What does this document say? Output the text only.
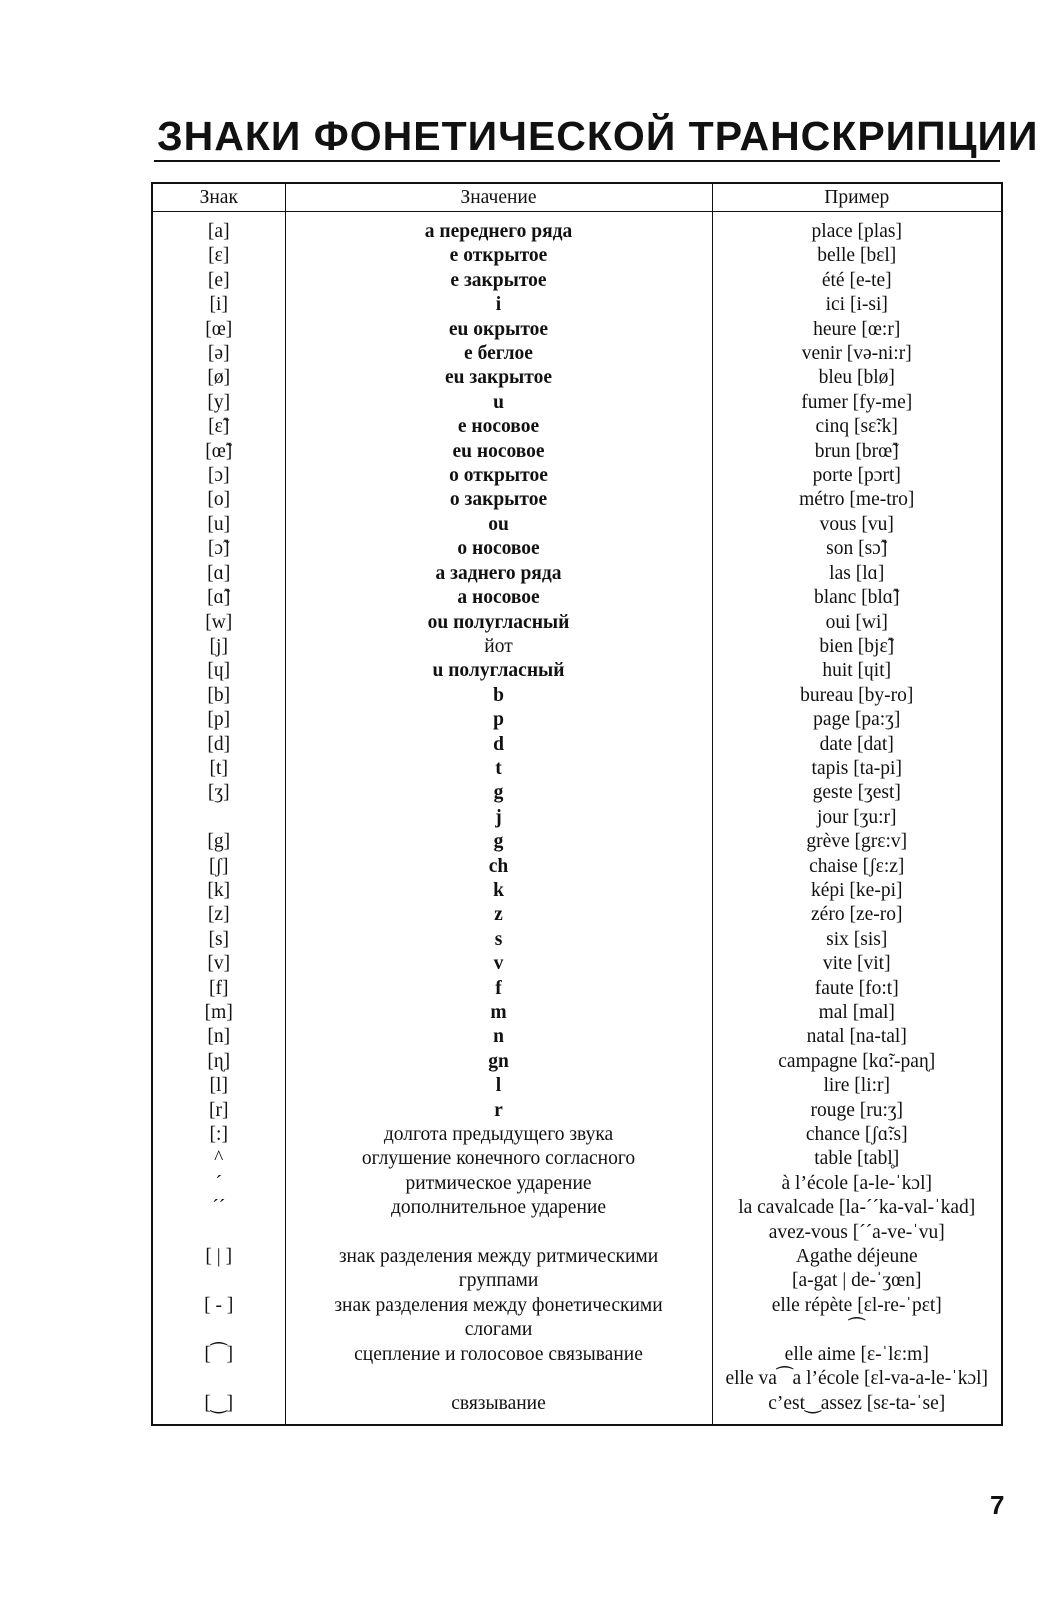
ЗНАКИ ФОНЕТИЧЕСКОЙ ТРАНСКРИПЦИИ
Знак	Значение	Пример
[a]	a переднего ряда	place [plas]
[ɛ]	e открытое	belle [bɛl]
[e]	e закрытое	été [e-te]
[i]	i	ici [i-si]
[œ]	eu окрытое	heure [œ:r]
[ə]	e беглое	venir [və-ni:r]
[ø]	eu закрытое	bleu [blø]
[y]	u	fumer [fy-me]
[ɛ̃]	e носовое	cinq [sɛ̃:k]
[œ̃]	eu носовое	brun [brœ̃]
[ɔ]	o открытое	porte [pɔrt]
[o]	o закрытое	métro [me-tro]
[u]	ou	vous [vu]
[ɔ̃]	o носовое	son [sɔ̃]
[ɑ]	a заднего ряда	las [lɑ]
[ɑ̃]	a носовое	blanc [blɑ̃]
[w]	ou полугласный	oui [wi]
[j]	йот	bien [bjɛ̃]
[ɥ]	u полугласный	huit [ɥit]
[b]	b	bureau [by-ro]
[p]	p	page [pa:ʒ]
[d]	d	date [dat]
[t]	t	tapis [ta-pi]
[ʒ]	g	geste [ʒest]
	j	jour [ʒu:r]
[g]	g	grève [grɛ:v]
[ʃ]	ch	chaise [ʃɛ:z]
[k]	k	képi [ke-pi]
[z]	z	zéro [ze-ro]
[s]	s	six [sis]
[v]	v	vite [vit]
[f]	f	faute [fo:t]
[m]	m	mal [mal]
[n]	n	natal [na-tal]
[ɳ]	gn	campagne [kɑ̃:-paɳ]
[l]	l	lire [li:r]
[r]	r	rouge [ru:ʒ]
[:]	долгота предыдущего звука	chance [ʃɑ̃:s]
^	оглушение конечного согласного	table [tabl̥]
ˊ	ритмическое ударение	à l’école [a-le-ˈkɔl]
ˊˊ	дополнительное ударение	la cavalcade [la-ˊˊka-val-ˈkad]
		avez-vous [ˊˊa-ve-ˈvu]
[ | ]	знак разделения между ритмическими	Agathe déjeune
	группами	[a-gat | de-ˈʒœn]
[ - ]	знак разделения между фонетическими	elle répète [ɛl-re-ˈpɛt]
	слогами	⁀
[⁀]	сцепление и голосовое связывание	elle aime [ɛ-ˈlɛ:m]
		elle va⁀a l’école [ɛl-va-a-le-ˈkɔl]
[‿]	связывание	c’est‿assez [sɛ-ta-ˈse]
7
